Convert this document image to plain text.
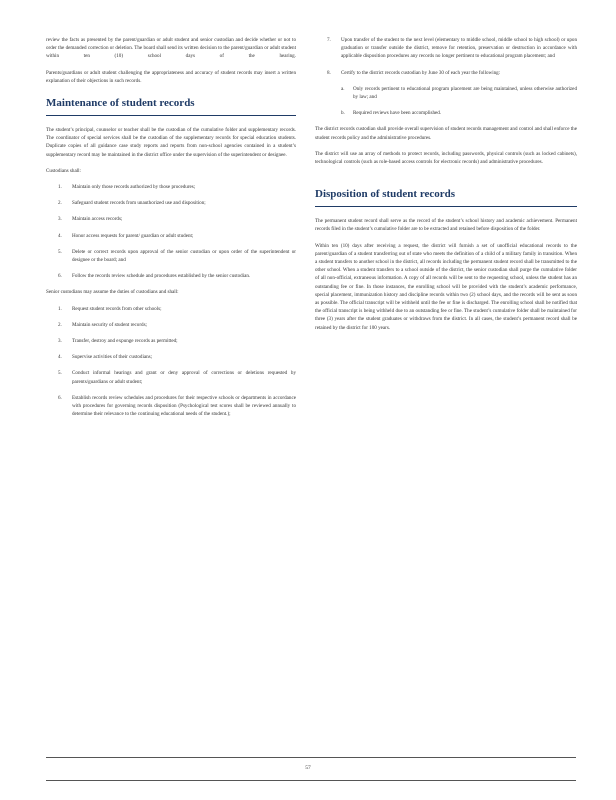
review the facts as presented by the parent/guardian or adult student and senior custodian and decide whether or not to order the demanded correction or deletion. The board shall send its written decision to the parent/guardian or adult student within ten (10) school days of the hearing.

Parents/guardians or adult student challenging the appropriateness and accuracy of student records may insert a written explanation of their objections in such records.

Maintenance of student records

The student’s principal, counselor or teacher shall be the custodian of the cumulative folder and supplementary records. The coordinator of special services shall be the custodian of the supplementary records for special education students. Duplicate copies of all guidance case study reports and reports from non-school agencies contained in a student’s supplementary record may be maintained in the district office under the supervision of the superintendent or designee.

Custodians shall:

1. Maintain only those records authorized by those procedures;
2. Safeguard student records from unauthorized use and disposition;
3. Maintain access records;
4. Honor access requests for parent/ guardian or adult student;
5. Delete or correct records upon approval of the senior custodian or upon order of the superintendent or designee or the board; and
6. Follow the records review schedule and procedures established by the senior custodian.

Senior custodians may assume the duties of custodians and shall:

1. Request student records from other schools;
2. Maintain security of student records;
3. Transfer, destroy and expunge records as permitted;
4. Supervise activities of their custodians;
5. Conduct informal hearings and grant or deny approval of corrections or deletions requested by parents/guardians or adult student;
6. Establish records review schedules and procedures for their respective schools or departments in accordance with procedures for governing records disposition (Psychological test scores shall be reviewed annually to determine their relevance to the continuing educational needs of the student.);
7. Upon transfer of the student to the next level (elementary to middle school, middle school to high school) or upon graduation or transfer outside the district, remove for retention, preservation or destruction in accordance with applicable disposition procedures any records no longer pertinent to educational program placement; and
8. Certify to the district records custodian by June 30 of each year the following:
a. Only records pertinent to educational program placement are being maintained, unless otherwise authorized by law; and
b. Required reviews have been accomplished.

The district records custodian shall provide overall supervision of student records management and control and shall enforce the student records policy and the administrative procedures.

The district will use an array of methods to protect records, including passwords, physical controls (such as locked cabinets), technological controls (such as role-based access controls for electronic records) and administrative procedures.

Disposition of student records

The permanent student record shall serve as the record of the student’s school history and academic achievement. Permanent records filed in the student’s cumulative folder are to be extracted and retained before disposition of the folder.

Within ten (10) days after receiving a request, the district will furnish a set of unofficial educational records to the parent/guardian of a student transferring out of state who meets the definition of a child of a military family in transition. When a student transfers to another school in the district, all records including the permanent student record shall be transmitted to the other school. When a student transfers to a school outside of the district, the senior custodian shall purge the cumulative folder of all non-official, extraneous information. A copy of all records will be sent to the requesting school, unless the student has an outstanding fee or fine. In those instances, the enrolling school will be provided with the student’s academic performance, special placement, immunization history and discipline records within two (2) school days, and the records will be sent as soon as possible. The official transcript will be withheld until the fee or fine is discharged. The enrolling school shall be notified that the official transcript is being withheld due to an outstanding fee or fine. The student’s cumulative folder shall be maintained for three (3) years after the student graduates or withdraws from the district. In all cases, the student’s permanent record shall be retained by the district for 100 years.

57
